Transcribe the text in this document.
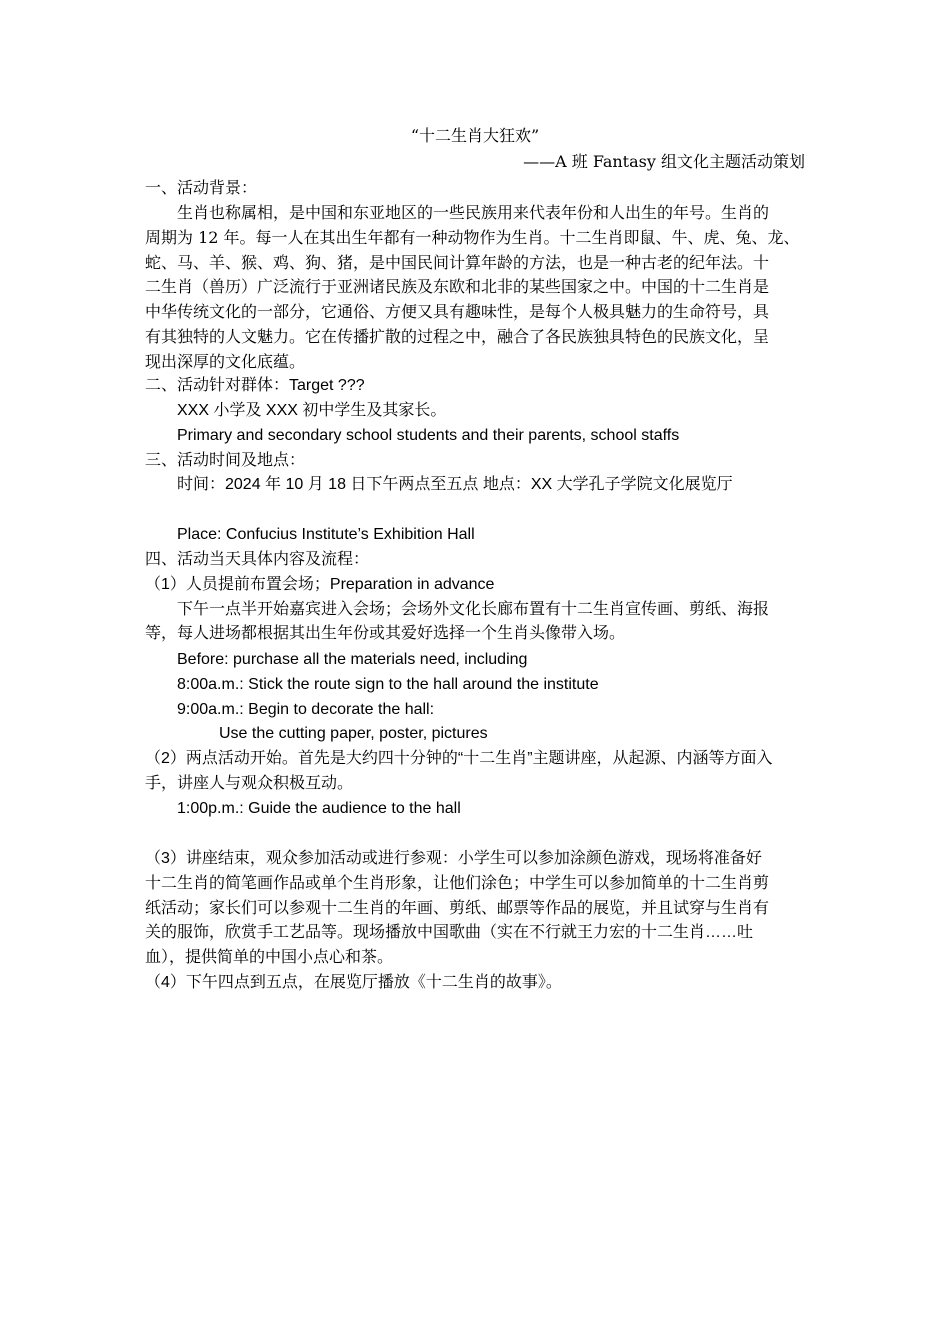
“十二生肖大狂欢”
——A 班 Fantasy 组文化主题活动策划
一、活动背景：
生肖也称属相，是中国和东亚地区的一些民族用来代表年份和人出生的年号。生肖的
周期为 12 年。每一人在其出生年都有一种动物作为生肖。十二生肖即鼠、牛、虎、兔、龙、
蛇、马、羊、猴、鸡、狗、猪，是中国民间计算年龄的方法，也是一种古老的纪年法。十
二生肖（兽历）广泛流行于亚洲诸民族及东欧和北非的某些国家之中。中国的十二生肖是
中华传统文化的一部分，它通俗、方便又具有趣味性，是每个人极具魅力的生命符号，具
有其独特的人文魅力。它在传播扩散的过程之中，融合了各民族独具特色的民族文化，呈
现出深厚的文化底蕴。
二、活动针对群体：Target ???
XXX 小学及 XXX 初中学生及其家长。
Primary and secondary school students and their parents, school staffs
三、活动时间及地点：
时间：2024 年 10 月 18 日下午两点至五点 地点：XX 大学孔子学院文化展览厅
Place: Confucius Institute’s Exhibition Hall
四、活动当天具体内容及流程：
（1）人员提前布置会场；Preparation in advance
下午一点半开始嘉宾进入会场；会场外文化长廊布置有十二生肖宣传画、剪纸、海报
等，每人进场都根据其出生年份或其爱好选择一个生肖头像带入场。
Before: purchase all the materials need, including
8:00a.m.: Stick the route sign to the hall around the institute
9:00a.m.: Begin to decorate the hall:
Use the cutting paper, poster, pictures
（2）两点活动开始。首先是大约四十分钟的“十二生肖”主题讲座，从起源、内涵等方面入
手，讲座人与观众积极互动。
1:00p.m.: Guide the audience to the hall
（3）讲座结束，观众参加活动或进行参观：小学生可以参加涂颜色游戏，现场将准备好
十二生肖的简笔画作品或单个生肖形象，让他们涂色；中学生可以参加简单的十二生肖剪
纸活动；家长们可以参观十二生肖的年画、剪纸、邮票等作品的展览，并且试穿与生肖有
关的服饰，欣赏手工艺品等。现场播放中国歌曲（实在不行就王力宏的十二生肖……吐
血），提供简单的中国小点心和茶。
（4）下午四点到五点，在展览厅播放《十二生肖的故事》。
